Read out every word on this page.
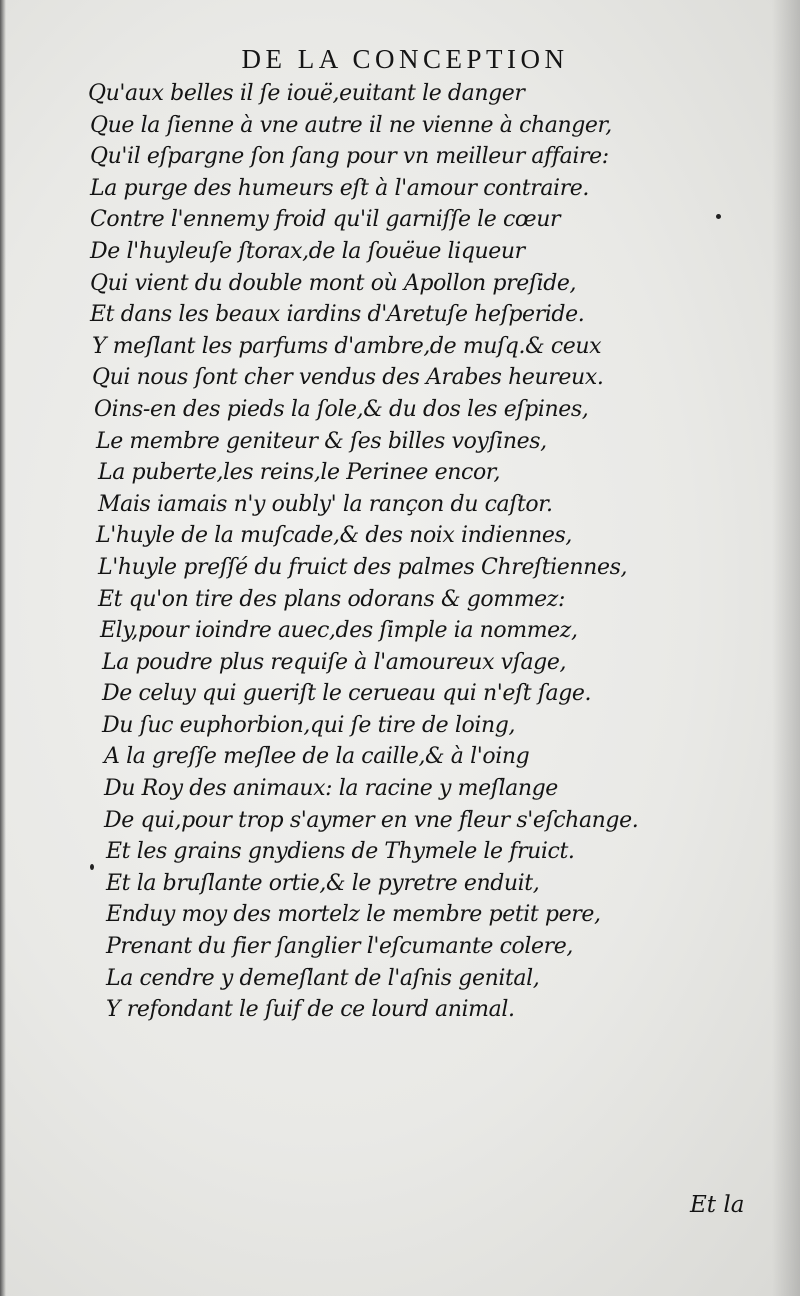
DE LA CONCEPTION
Qu'aux belles il ſe iouë,euitant le danger
Que la ſienne à vne autre il ne vienne à changer,
Qu'il eſpargne ſon ſang pour vn meilleur affaire:
La purge des humeurs eſt à l'amour contraire.
Contre l'ennemy froid qu'il garniſſe le cœur
De l'huyleuſe ſtorax,de la ſouëue liqueur
Qui vient du double mont où Apollon preſide,
Et dans les beaux iardins d'Aretuſe heſperide.
Y meſlant les parfums d'ambre,de muſq.& ceux
Qui nous ſont cher vendus des Arabes heureux.
Oins-en des pieds la ſole,& du dos les eſpines,
Le membre geniteur & ſes billes voyſines,
La puberte,les reins,le Perinee encor,
Mais iamais n'y oubly' la rançon du caſtor.
L'huyle de la muſcade,& des noix indiennes,
L'huyle preſſé du fruict des palmes Chreſtiennes,
Et qu'on tire des plans odorans & gommez:
Ely,pour ioindre auec,des ſimple ia nommez,
La poudre plus requiſe à l'amoureux vſage,
De celuy qui gueriſt le cerueau qui n'eſt ſage.
Du ſuc euphorbion,qui ſe tire de loing,
A la greſſe meſlee de la caille,& à l'oing
Du Roy des animaux: la racine y meſlange
De qui,pour trop s'aymer en vne fleur s'eſchange.
Et les grains gnydiens de Thymele le fruict.
Et la bruſlante ortie,& le pyretre enduit,
Enduy moy des mortelz le membre petit pere,
Prenant du fier ſanglier l'eſcumante colere,
La cendre y demeſlant de l'aſnis genital,
Y refondant le ſuif de ce lourd animal.
Et la
